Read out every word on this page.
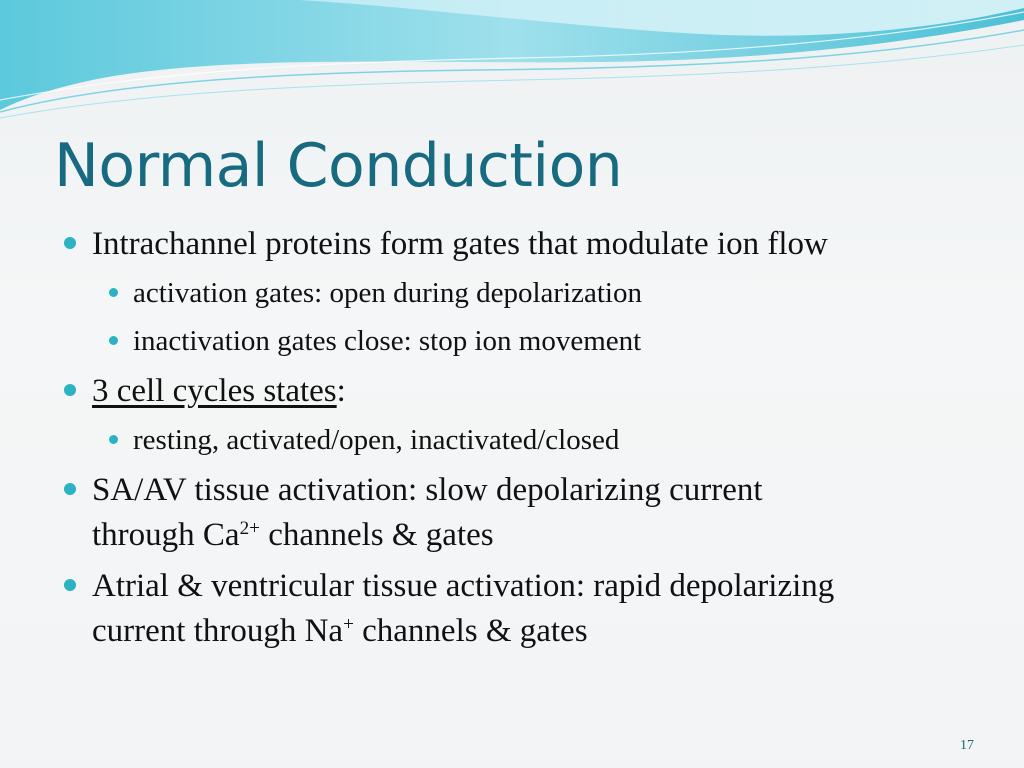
Normal Conduction
Intrachannel proteins form gates that modulate ion flow
activation gates: open during depolarization
inactivation gates close: stop ion movement
3 cell cycles states:
resting, activated/open, inactivated/closed
SA/AV tissue activation: slow depolarizing current
through $Ca^{2+}$ channels & gates
Atrial & ventricular tissue activation: rapid depolarizing
current through Na+ channels & gates
17
